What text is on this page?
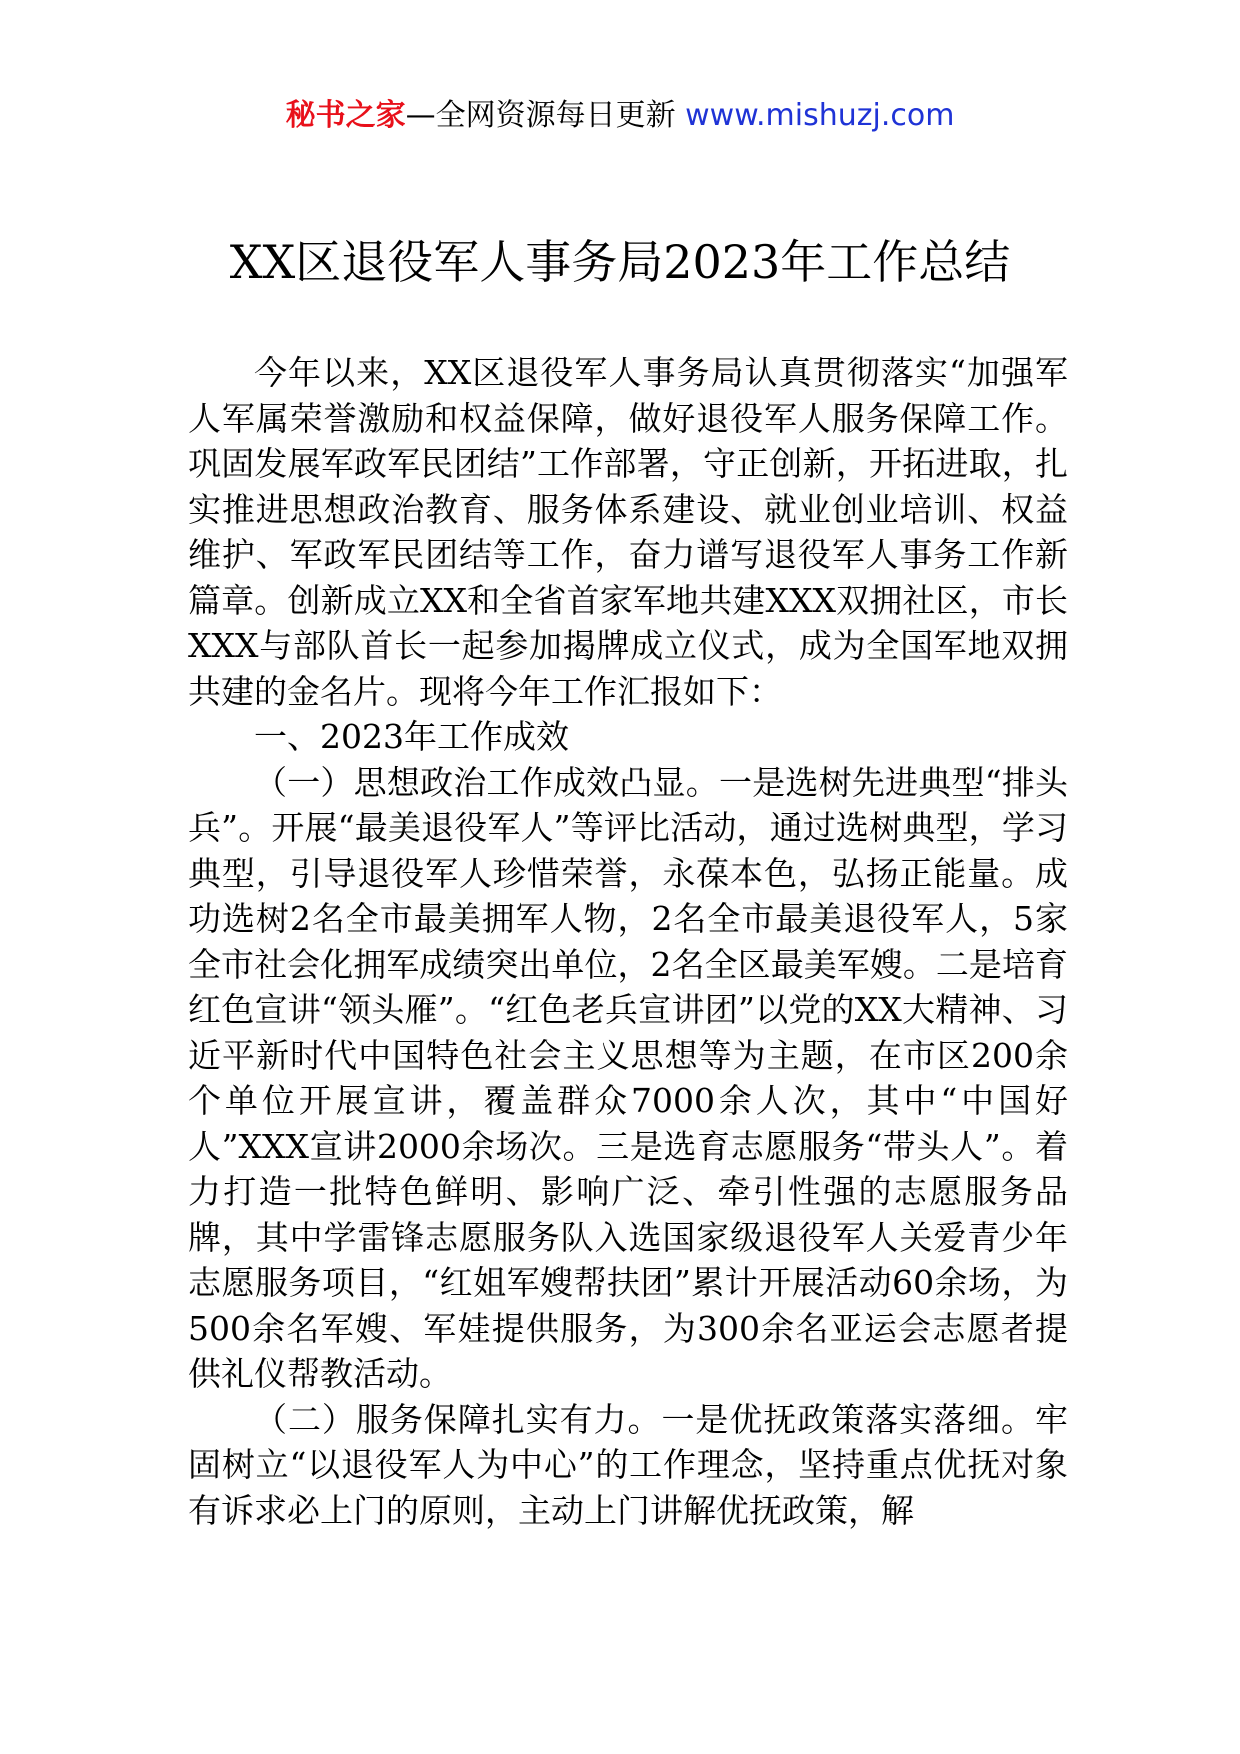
秘书之家—全网资源每日更新 www.mishuzj.com
XX区退役军人事务局2023年工作总结

今年以来，XX区退役军人事务局认真贯彻落实“加强军人军属荣誉激励和权益保障，做好退役军人服务保障工作。巩固发展军政军民团结”工作部署，守正创新，开拓进取，扎实推进思想政治教育、服务体系建设、就业创业培训、权益维护、军政军民团结等工作，奋力谱写退役军人事务工作新篇章。创新成立XX和全省首家军地共建XXX双拥社区，市长XXX与部队首长一起参加揭牌成立仪式，成为全国军地双拥共建的金名片。现将今年工作汇报如下：

一、2023年工作成效

（一）思想政治工作成效凸显。一是选树先进典型“排头兵”。开展“最美退役军人”等评比活动，通过选树典型，学习典型，引导退役军人珍惜荣誉，永葆本色，弘扬正能量。成功选树2名全市最美拥军人物，2名全市最美退役军人，5家全市社会化拥军成绩突出单位，2名全区最美军嫂。二是培育红色宣讲“领头雁”。“红色老兵宣讲团”以党的XX大精神、习近平新时代中国特色社会主义思想等为主题，在市区200余个单位开展宣讲，覆盖群众7000余人次，其中“中国好人”XXX宣讲2000余场次。三是选育志愿服务“带头人”。着力打造一批特色鲜明、影响广泛、牵引性强的志愿服务品牌，其中学雷锋志愿服务队入选国家级退役军人关爱青少年志愿服务项目，“红姐军嫂帮扶团”累计开展活动60余场，为500余名军嫂、军娃提供服务，为300余名亚运会志愿者提供礼仪帮教活动。

（二）服务保障扎实有力。一是优抚政策落实落细。牢固树立“以退役军人为中心”的工作理念，坚持重点优抚对象有诉求必上门的原则，主动上门讲解优抚政策，解
